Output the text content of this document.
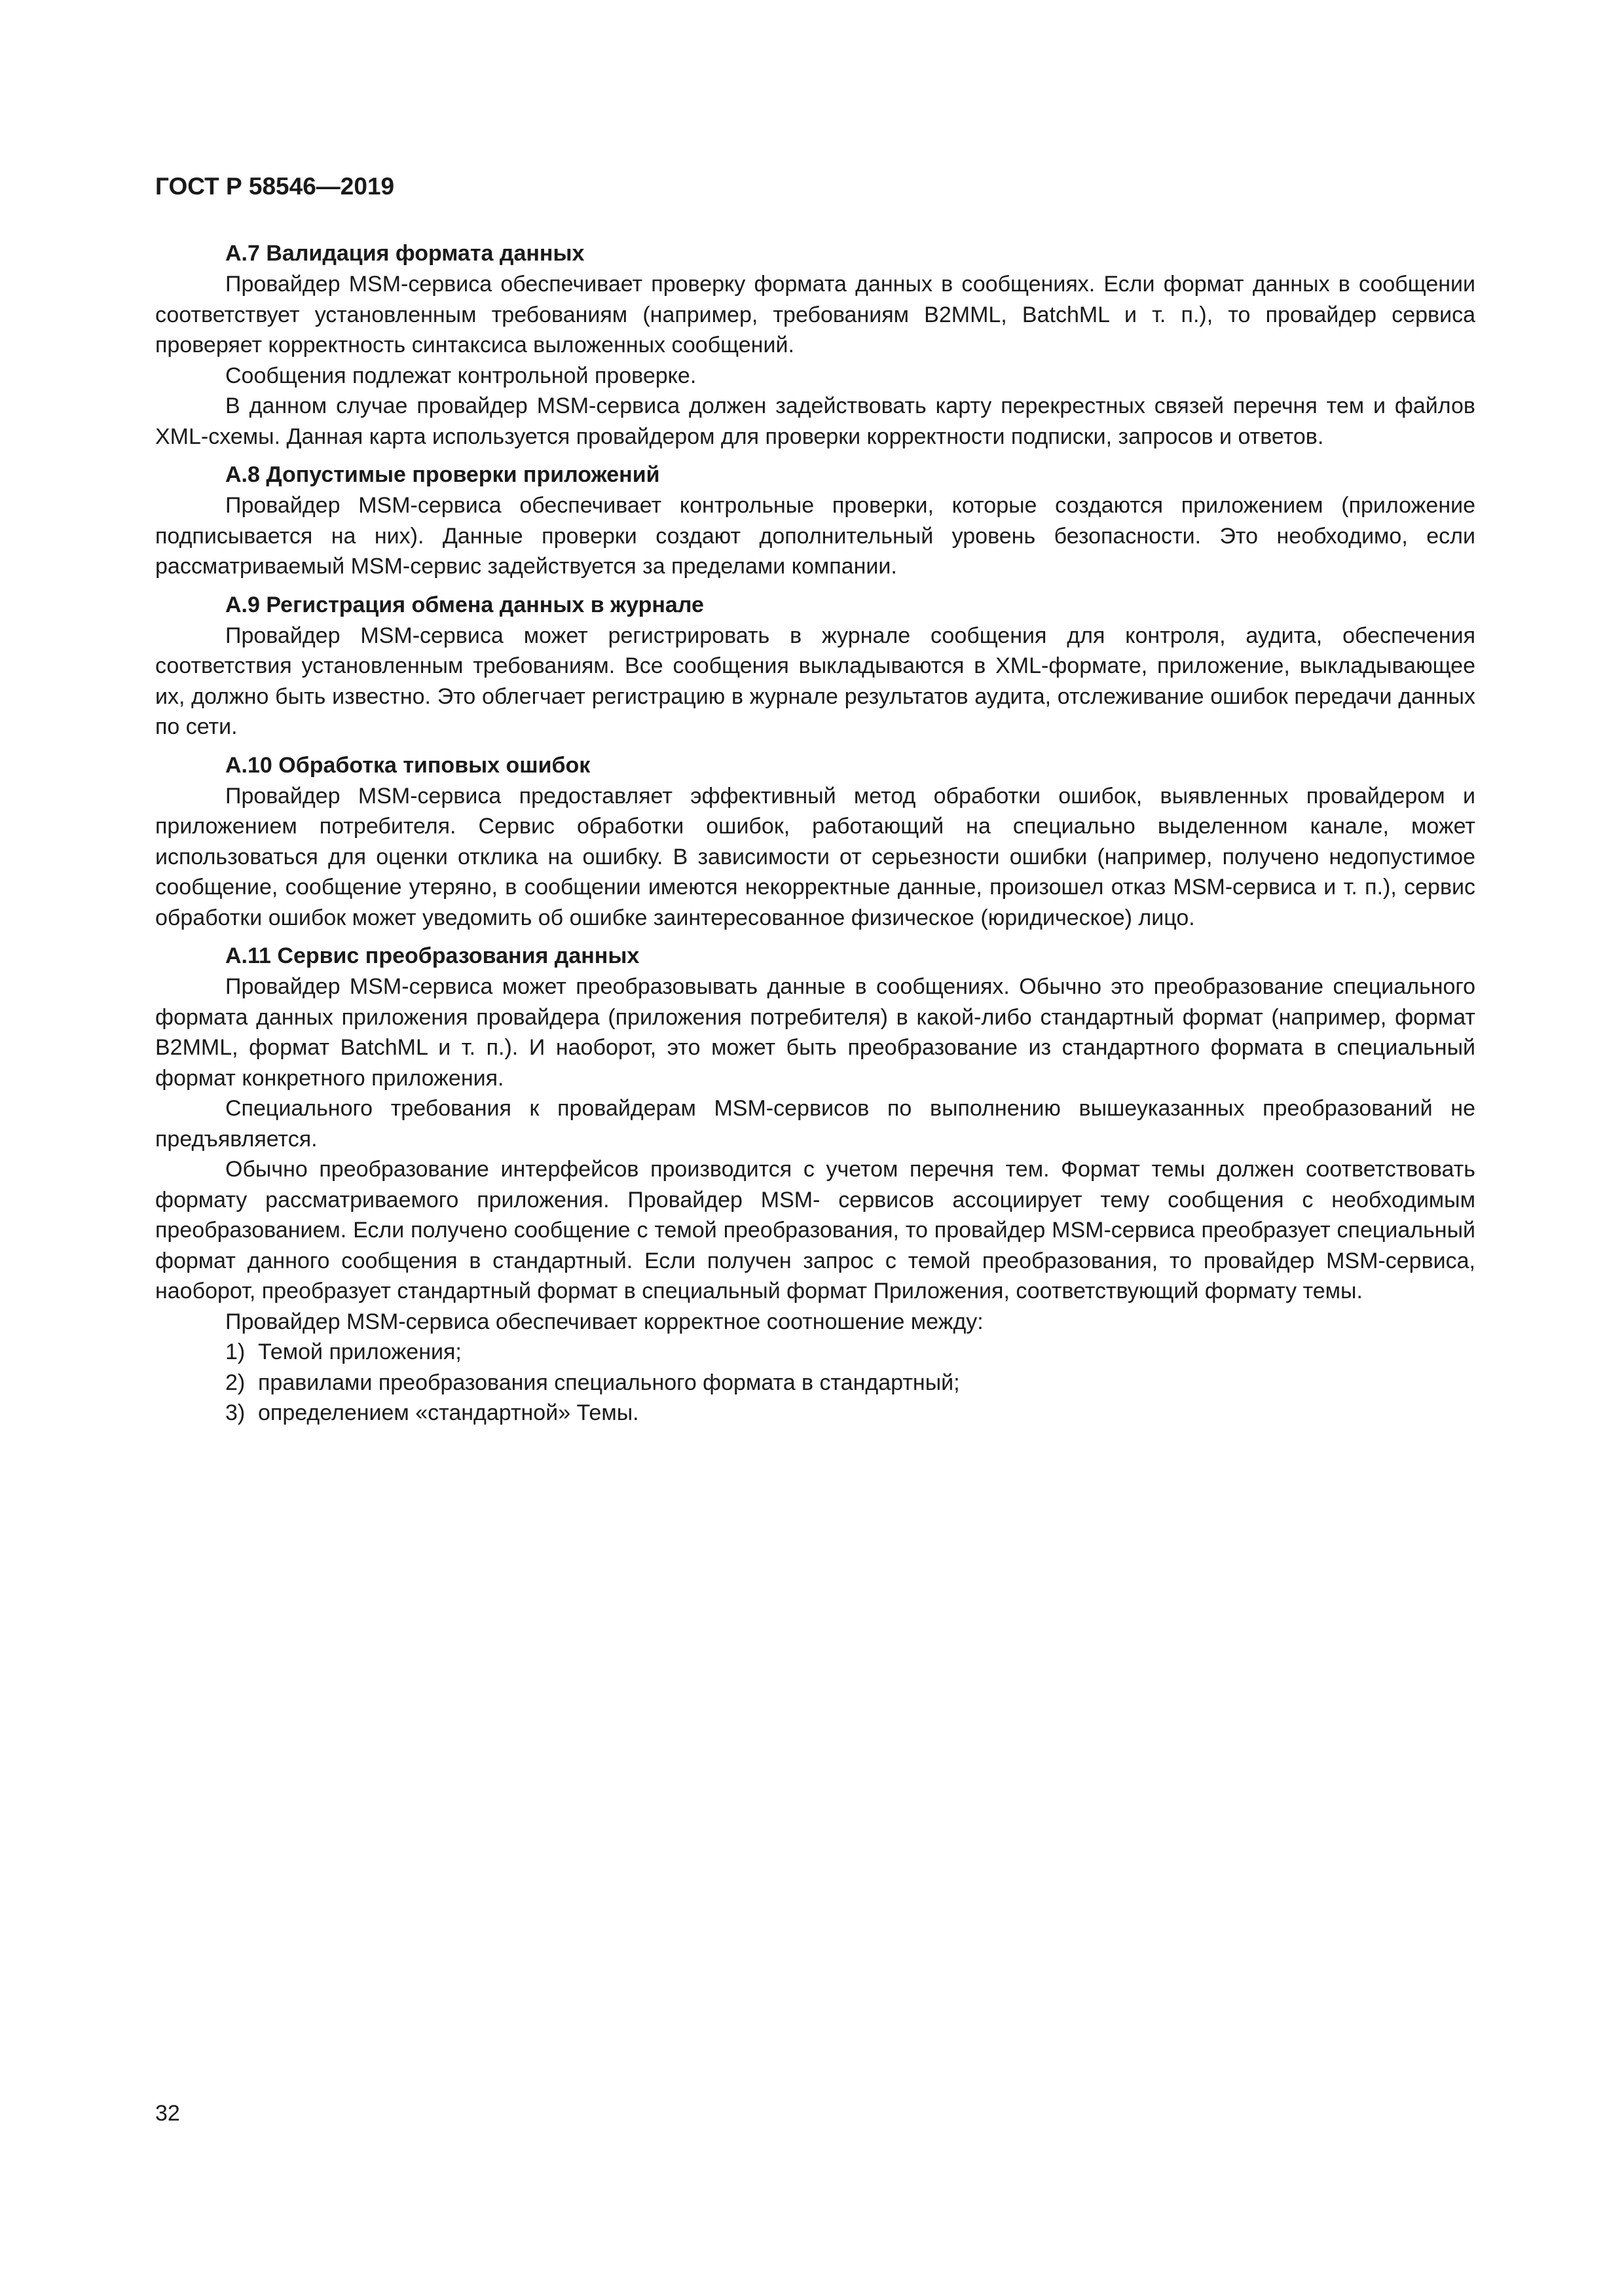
ГОСТ Р 58546—2019

А.7 Валидация формата данных

Провайдер MSM-сервиса обеспечивает проверку формата данных в сообщениях. Если формат данных в сообщении соответствует установленным требованиям (например, требованиям B2MML, BatchML и т. п.), то провайдер сервиса проверяет корректность синтаксиса выложенных сообщений.

Сообщения подлежат контрольной проверке.

В данном случае провайдер MSM-сервиса должен задействовать карту перекрестных связей перечня тем и файлов XML-схемы. Данная карта используется провайдером для проверки корректности подписки, запросов и ответов.

А.8 Допустимые проверки приложений

Провайдер MSM-сервиса обеспечивает контрольные проверки, которые создаются приложением (приложение подписывается на них). Данные проверки создают дополнительный уровень безопасности. Это необходимо, если рассматриваемый MSM-сервис задействуется за пределами компании.

А.9 Регистрация обмена данных в журнале

Провайдер MSM-сервиса может регистрировать в журнале сообщения для контроля, аудита, обеспечения соответствия установленным требованиям. Все сообщения выкладываются в XML-формате, приложение, выкладывающее их, должно быть известно. Это облегчает регистрацию в журнале результатов аудита, отслеживание ошибок передачи данных по сети.

А.10 Обработка типовых ошибок

Провайдер MSM-сервиса предоставляет эффективный метод обработки ошибок, выявленных провайдером и приложением потребителя. Сервис обработки ошибок, работающий на специально выделенном канале, может использоваться для оценки отклика на ошибку. В зависимости от серьезности ошибки (например, получено недопустимое сообщение, сообщение утеряно, в сообщении имеются некорректные данные, произошел отказ MSM-сервиса и т. п.), сервис обработки ошибок может уведомить об ошибке заинтересованное физическое (юридическое) лицо.

А.11 Сервис преобразования данных

Провайдер MSM-сервиса может преобразовывать данные в сообщениях. Обычно это преобразование специального формата данных приложения провайдера (приложения потребителя) в какой-либо стандартный формат (например, формат B2MML, формат BatchML и т. п.). И наоборот, это может быть преобразование из стандартного формата в специальный формат конкретного приложения.

Специального требования к провайдерам MSM-сервисов по выполнению вышеуказанных преобразований не предъявляется.

Обычно преобразование интерфейсов производится с учетом перечня тем. Формат темы должен соответствовать формату рассматриваемого приложения. Провайдер MSM- сервисов ассоциирует тему сообщения с необходимым преобразованием. Если получено сообщение с темой преобразования, то провайдер MSM-сервиса преобразует специальный формат данного сообщения в стандартный. Если получен запрос с темой преобразования, то провайдер MSM-сервиса, наоборот, преобразует стандартный формат в специальный формат Приложения, соответствующий формату темы.

Провайдер MSM-сервиса обеспечивает корректное соотношение между:

1) Темой приложения;

2) правилами преобразования специального формата в стандартный;

3) определением «стандартной» Темы.

32
